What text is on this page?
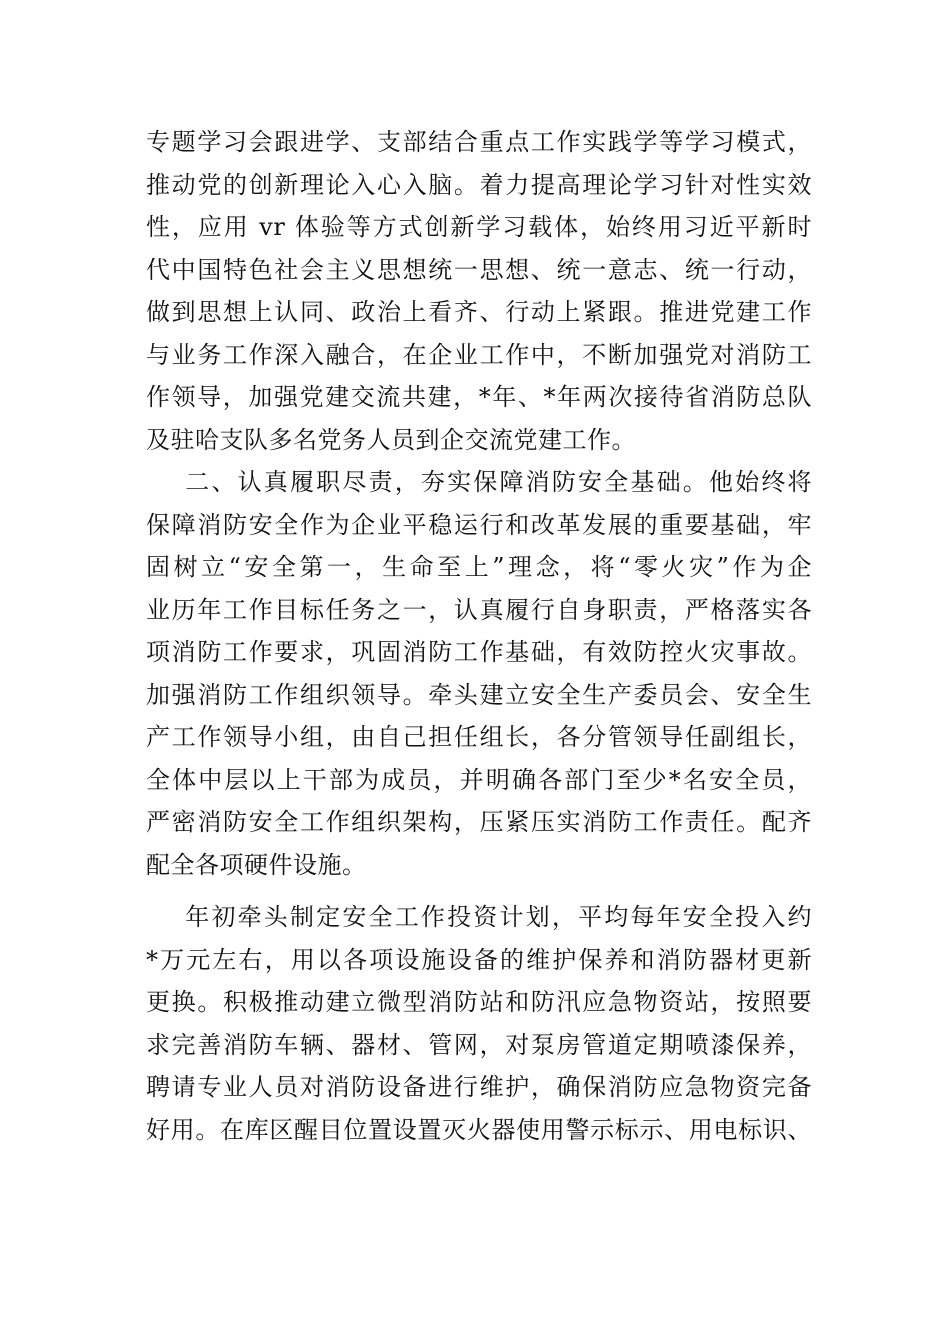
专题学习会跟进学、支部结合重点工作实践学等学习模式，
推动党的创新理论入心入脑。着力提高理论学习针对性实效
性，应用 vr 体验等方式创新学习载体，始终用习近平新时
代中国特色社会主义思想统一思想、统一意志、统一行动，
做到思想上认同、政治上看齐、行动上紧跟。推进党建工作
与业务工作深入融合，在企业工作中，不断加强党对消防工
作领导，加强党建交流共建，*年、*年两次接待省消防总队
及驻哈支队多名党务人员到企交流党建工作。

二、认真履职尽责，夯实保障消防安全基础。他始终将
保障消防安全作为企业平稳运行和改革发展的重要基础，牢
固树立“安全第一，生命至上”理念，将“零火灾”作为企
业历年工作目标任务之一，认真履行自身职责，严格落实各
项消防工作要求，巩固消防工作基础，有效防控火灾事故。
加强消防工作组织领导。牵头建立安全生产委员会、安全生
产工作领导小组，由自己担任组长，各分管领导任副组长，
全体中层以上干部为成员，并明确各部门至少*名安全员，
严密消防安全工作组织架构，压紧压实消防工作责任。配齐
配全各项硬件设施。

年初牵头制定安全工作投资计划，平均每年安全投入约
*万元左右，用以各项设施设备的维护保养和消防器材更新
更换。积极推动建立微型消防站和防汛应急物资站，按照要
求完善消防车辆、器材、管网，对泵房管道定期喷漆保养，
聘请专业人员对消防设备进行维护，确保消防应急物资完备
好用。在库区醒目位置设置灭火器使用警示标示、用电标识、
